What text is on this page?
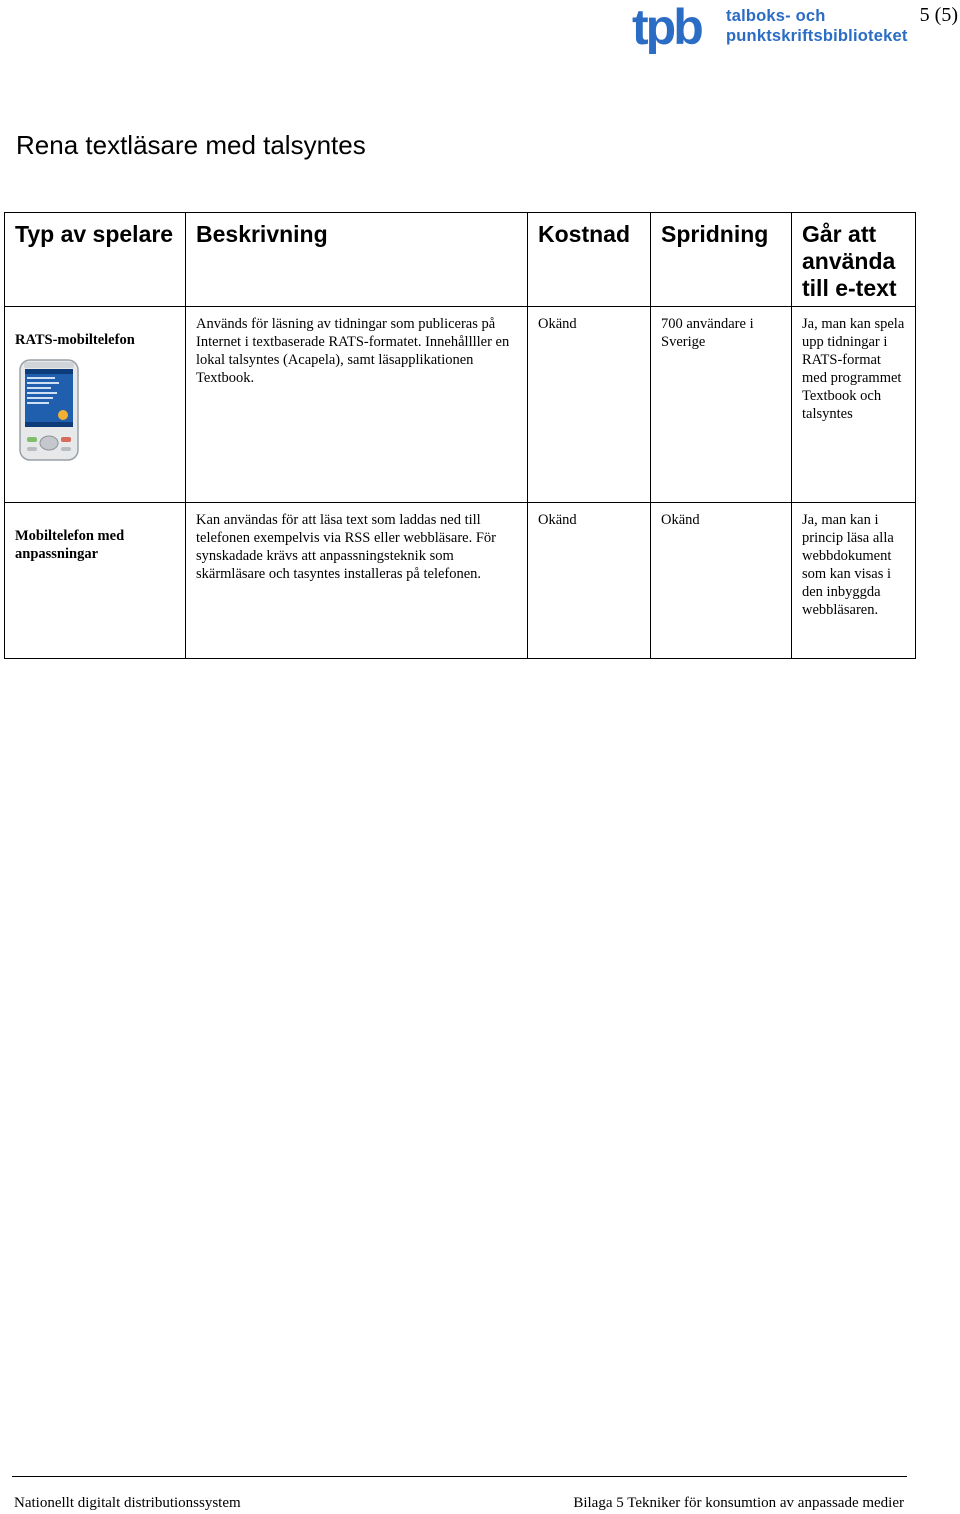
tpb talboks- och
punktskriftsbiblioteket
5 (5)
Rena textläsare med talsyntes
Typ av spelare	Beskrivning	Kostnad	Spridning	Går att använda till e-text

RATS-mobiltelefon	Används för läsning av tidningar som publiceras på Internet i textbaserade RATS-formatet. Innehållller en lokal talsyntes (Acapela), samt läsapplikationen Textbook.	Okänd	700 användare i Sverige	Ja, man kan spela upp tidningar i RATS-format med programmet Textbook och talsyntes
Mobiltelefon med anpassningar	Kan användas för att läsa text som laddas ned till telefonen exempelvis via RSS eller webbläsare. För synskadade krävs att anpassningsteknik som skärmläsare och tasyntes installeras på telefonen.	Okänd	Okänd	Ja, man kan i princip läsa alla webbdokument som kan visas i den inbyggda webbläsaren.
Nationellt digitalt distributionssystem	Bilaga 5 Tekniker för konsumtion av anpassade medier
